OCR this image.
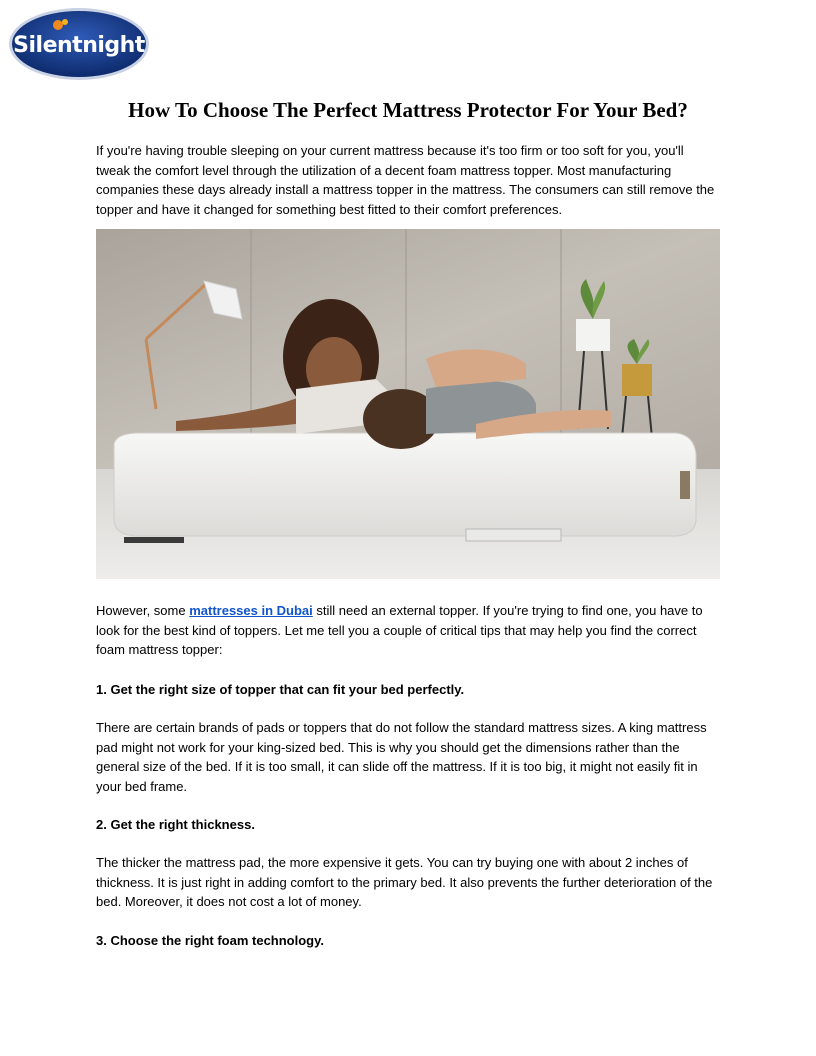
Silentnight
How To Choose The Perfect Mattress Protector For Your Bed?

If you're having trouble sleeping on your current mattress because it's too firm or too soft for you, you'll tweak the comfort level through the utilization of a decent foam mattress topper. Most manufacturing companies these days already install a mattress topper in the mattress. The consumers can still remove the topper and have it changed for something best fitted to their comfort preferences.

However, some mattresses in Dubai still need an external topper. If you're trying to find one, you have to look for the best kind of toppers. Let me tell you a couple of critical tips that may help you find the correct foam mattress topper:

1. Get the right size of topper that can fit your bed perfectly.

There are certain brands of pads or toppers that do not follow the standard mattress sizes. A king mattress pad might not work for your king-sized bed. This is why you should get the dimensions rather than the general size of the bed. If it is too small, it can slide off the mattress. If it is too big, it might not easily fit in your bed frame.

2. Get the right thickness.

The thicker the mattress pad, the more expensive it gets. You can try buying one with about 2 inches of thickness. It is just right in adding comfort to the primary bed. It also prevents the further deterioration of the bed. Moreover, it does not cost a lot of money.

3. Choose the right foam technology.
